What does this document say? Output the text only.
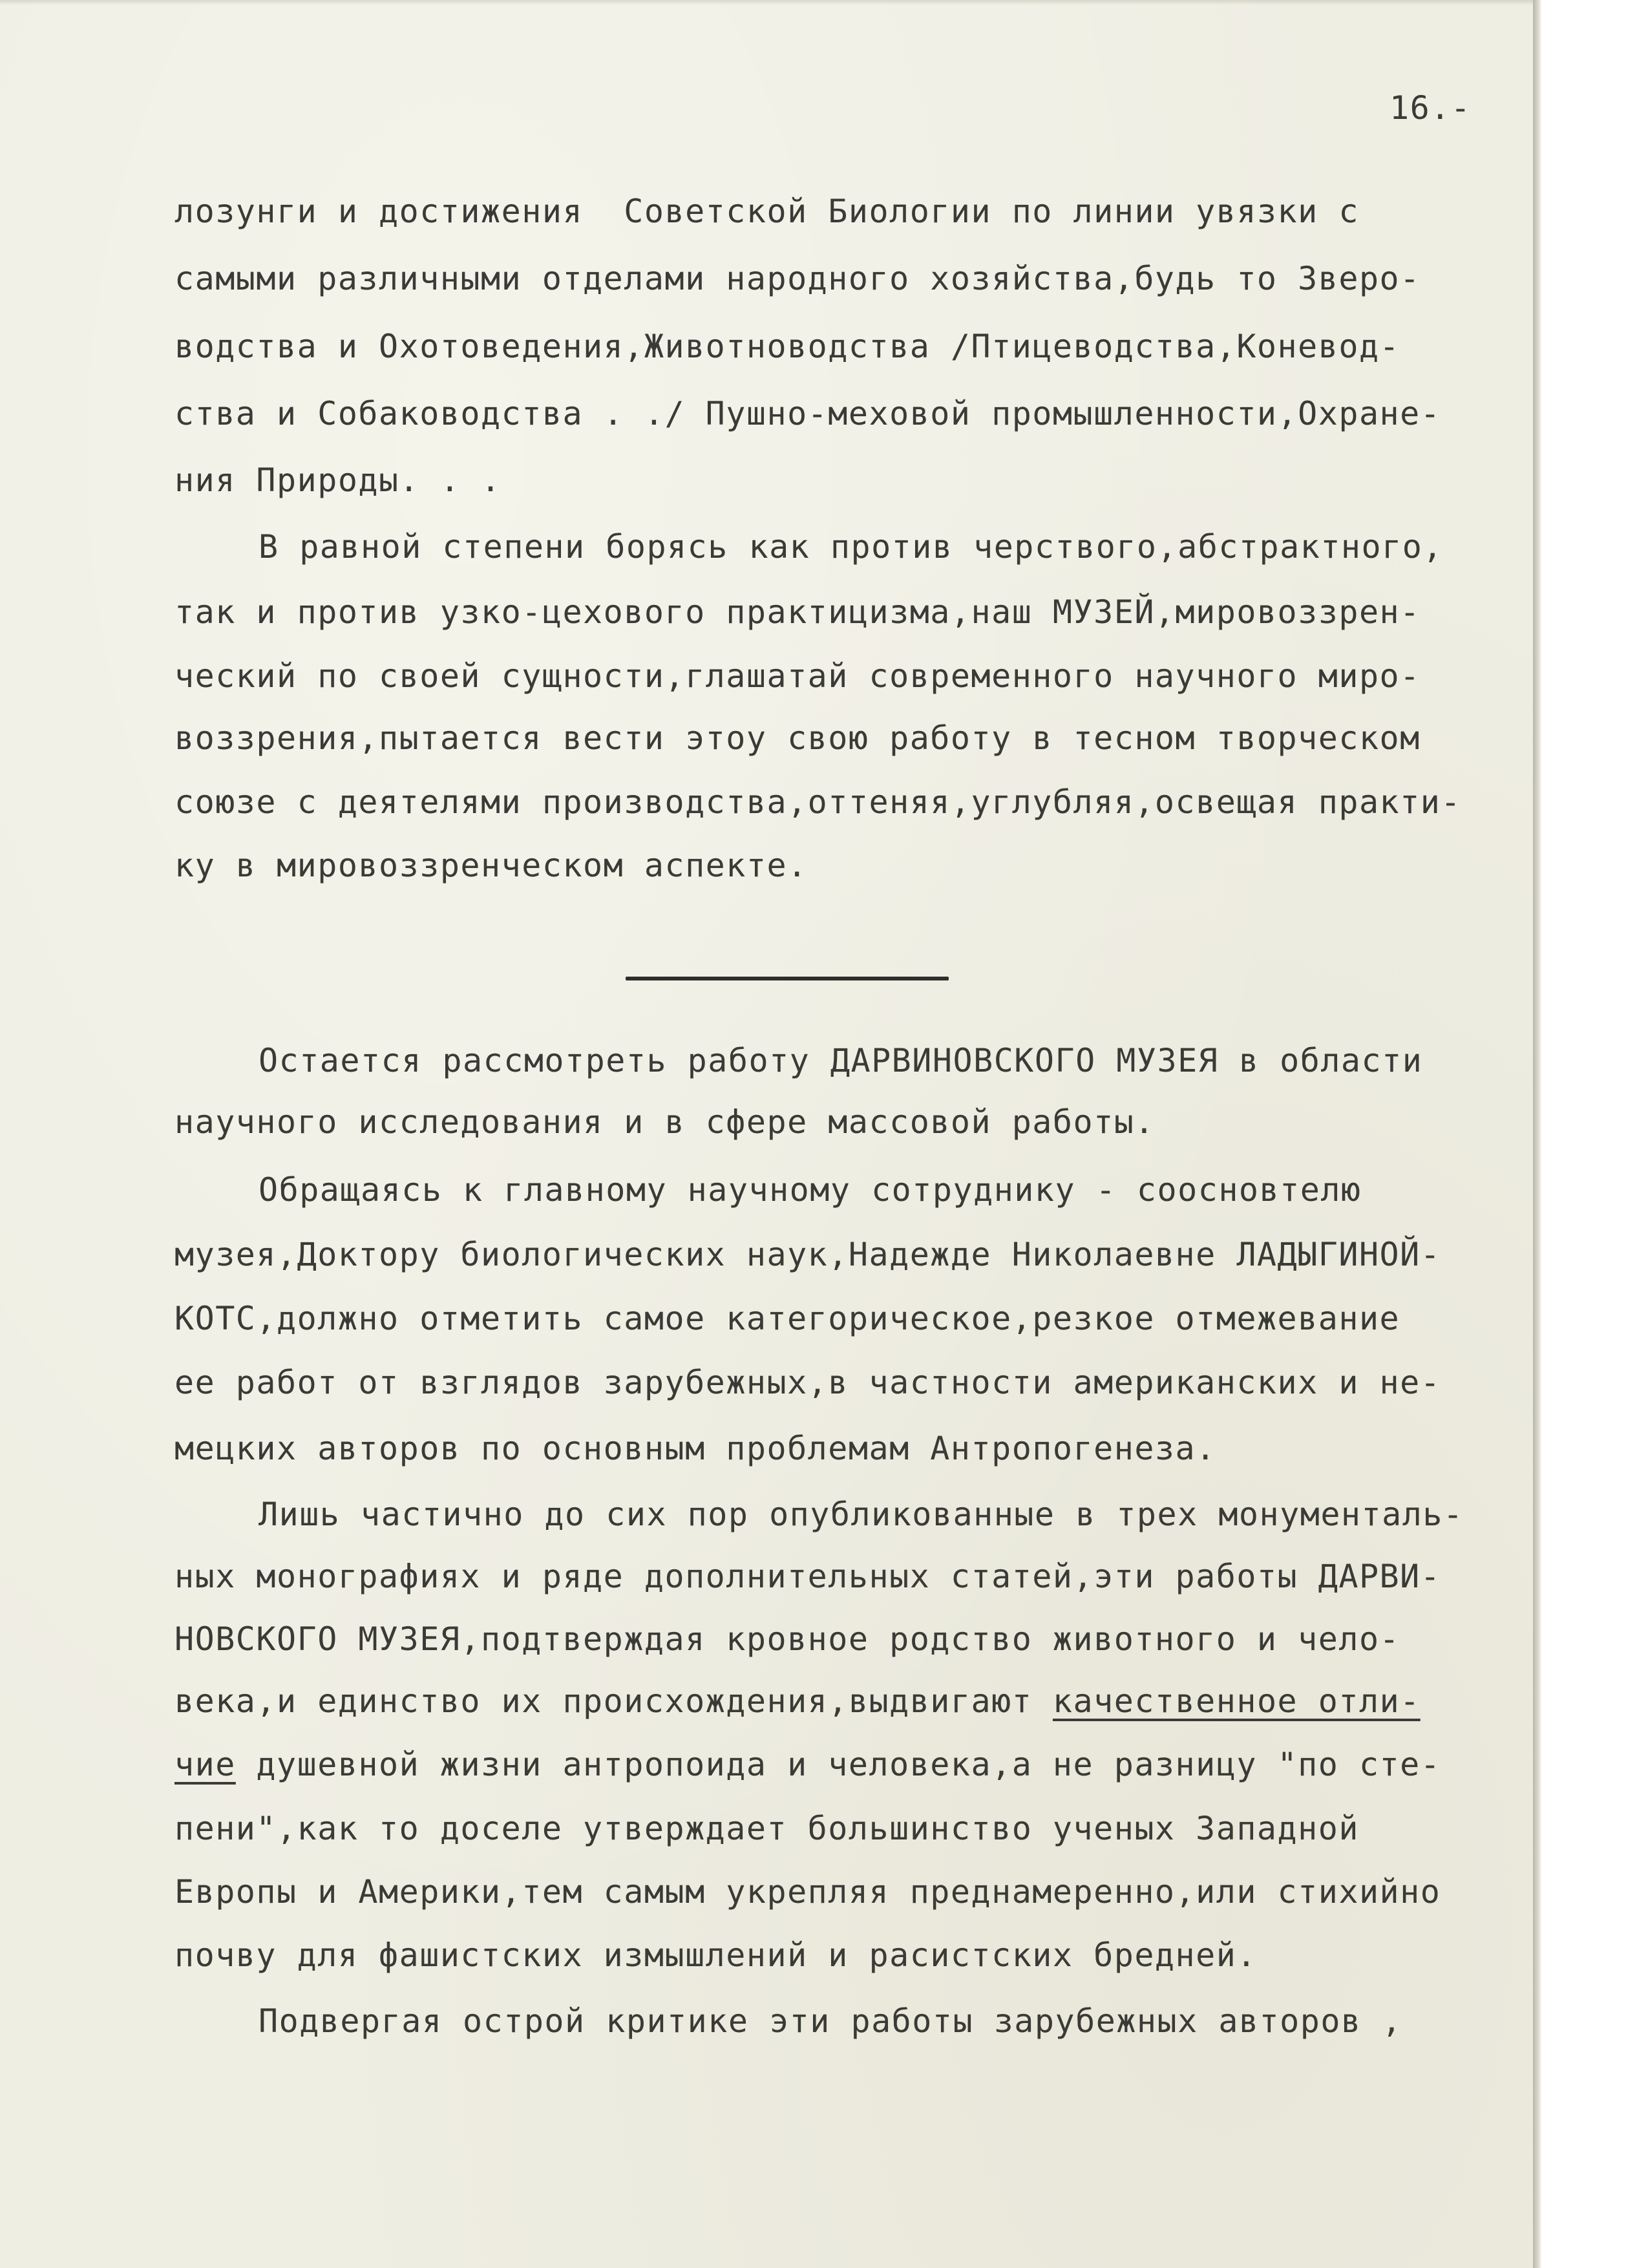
16.-

лозунги и достижения  Советской Биологии по линии увязки с

самыми различными отделами народного хозяйства,будь то Зверо-

водства и Охотоведения,Животноводства /Птицеводства,Коневод-

ства и Собаководства . ./ Пушно-меховой промышленности,Охране-

ния Природы. . .

В равной степени борясь как против черствого,абстрактного,

так и против узко-цехового практицизма,наш МУЗЕЙ,мировоззрен-

ческий по своей сущности,глашатай современного научного миро-

воззрения,пытается вести этоу свою работу в тесном творческом

союзе с деятелями производства,оттеняя,углубляя,освещая практи-

ку в мировоззренческом аспекте.

Остается рассмотреть работу ДАРВИНОВСКОГО МУЗЕЯ в области

научного исследования и в сфере массовой работы.

Обращаясь к главному научному сотруднику - соосновтелю

музея,Доктору биологических наук,Надежде Николаевне ЛАДЫГИНОЙ-

КОТС,должно отметить самое категорическое,резкое отмежевание

ее работ от взглядов зарубежных,в частности американских и не-

мецких авторов по основным проблемам Антропогенеза.

Лишь частично до сих пор опубликованные в трех монументаль-

ных монографиях и ряде дополнительных статей,эти работы ДАРВИ-

НОВСКОГО МУЗЕЯ,подтверждая кровное родство животного и чело-

века,и единство их происхождения,выдвигают качественное отли-

чие душевной жизни антропоида и человека,а не разницу "по сте-

пени",как то доселе утверждает большинство ученых Западной

Европы и Америки,тем самым укрепляя преднамеренно,или стихийно

почву для фашистских измышлений и расистских бредней.

Подвергая острой критике эти работы зарубежных авторов ,
